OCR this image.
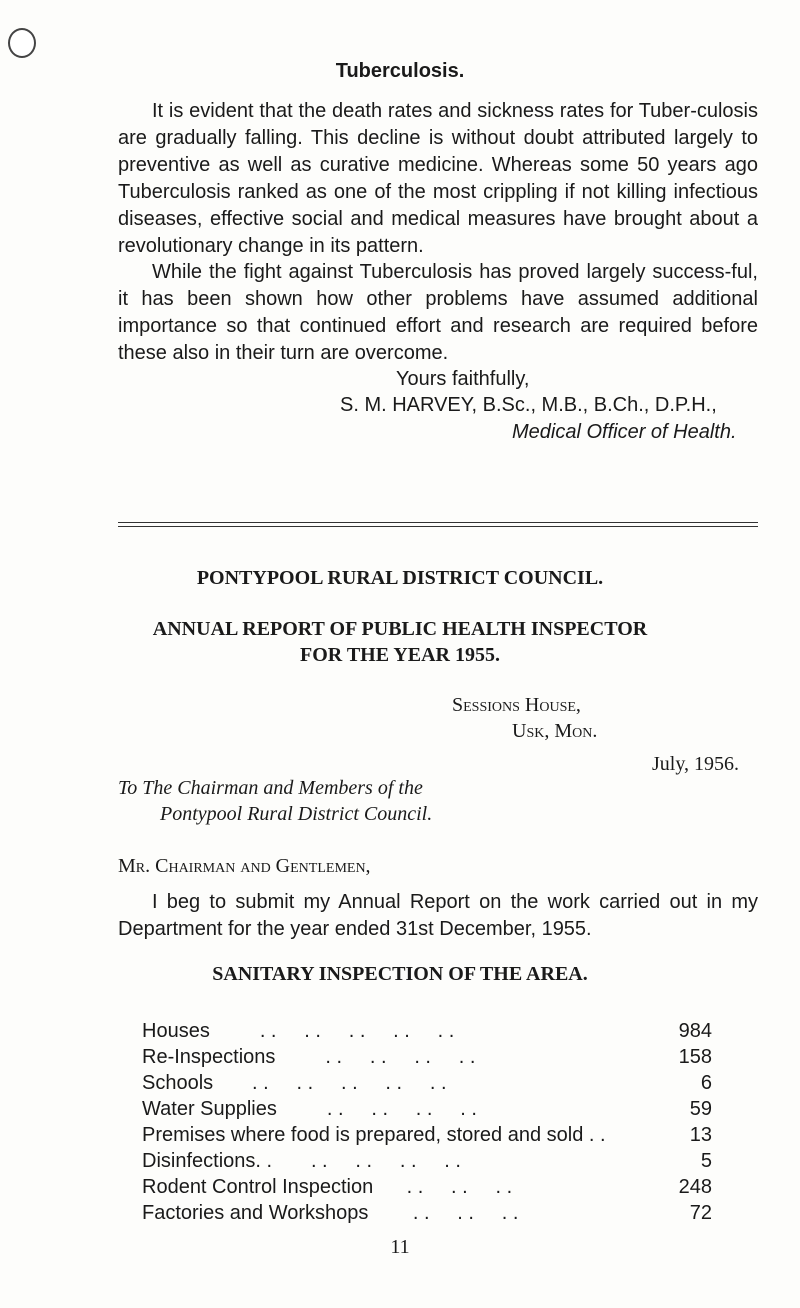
Tuberculosis.
It is evident that the death rates and sickness rates for Tuber-culosis are gradually falling. This decline is without doubt attributed largely to preventive as well as curative medicine. Whereas some 50 years ago Tuberculosis ranked as one of the most crippling if not killing infectious diseases, effective social and medical measures have brought about a revolutionary change in its pattern.
While the fight against Tuberculosis has proved largely success-ful, it has been shown how other problems have assumed additional importance so that continued effort and research are required before these also in their turn are overcome.
Yours faithfully,
S. M. HARVEY, B.Sc., M.B., B.Ch., D.P.H.,
Medical Officer of Health.
PONTYPOOL RURAL DISTRICT COUNCIL.
ANNUAL REPORT OF PUBLIC HEALTH INSPECTOR
FOR THE YEAR 1955.
Sessions House,
Usk, Mon.
July, 1956.
To The Chairman and Members of the
Pontypool Rural District Council.
Mr. Chairman and Gentlemen,
I beg to submit my Annual Report on the work carried out in my Department for the year ended 31st December, 1955.
SANITARY INSPECTION OF THE AREA.
Houses         . .     . .     . .     . .     . .	984
Re-Inspections         . .     . .     . .     . .	158
Schools       . .     . .     . .     . .     . .	6
Water Supplies         . .     . .     . .     . .	59
Premises where food is prepared, stored and sold . .	13
Disinfections. .       . .     . .     . .     . .	5
Rodent Control Inspection      . .     . .     . .	248
Factories and Workshops        . .     . .     . .	72
11
